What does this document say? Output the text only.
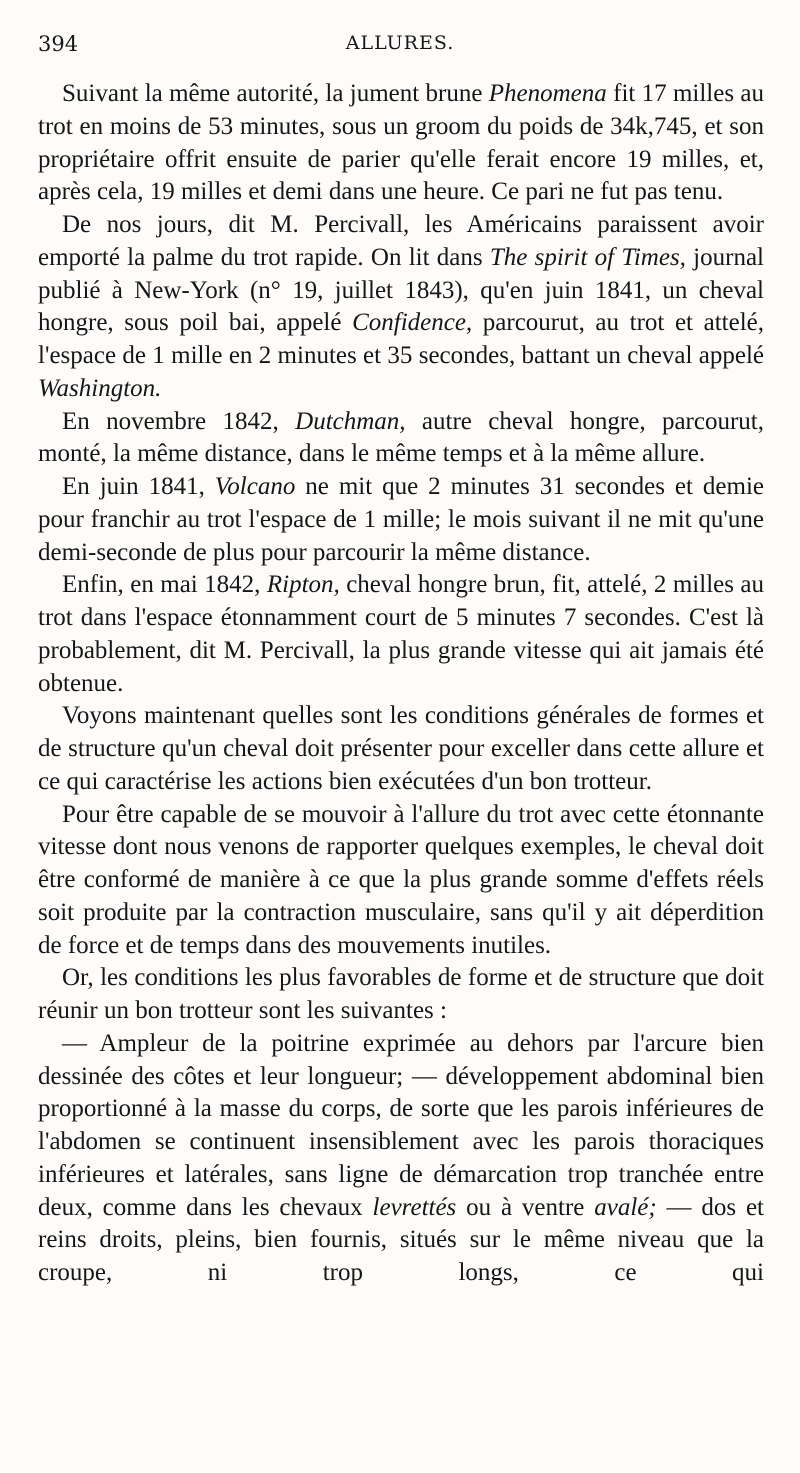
394	ALLURES.

Suivant la même autorité, la jument brune Phenomena fit 17 milles au trot en moins de 53 minutes, sous un groom du poids de 34k,745, et son propriétaire offrit ensuite de parier qu'elle ferait encore 19 milles, et, après cela, 19 milles et demi dans une heure. Ce pari ne fut pas tenu.

De nos jours, dit M. Percivall, les Américains paraissent avoir emporté la palme du trot rapide. On lit dans The spirit of Times, journal publié à New-York (n° 19, juillet 1843), qu'en juin 1841, un cheval hongre, sous poil bai, appelé Confidence, parcourut, au trot et attelé, l'espace de 1 mille en 2 minutes et 35 secondes, battant un cheval appelé Washington.

En novembre 1842, Dutchman, autre cheval hongre, parcourut, monté, la même distance, dans le même temps et à la même allure.

En juin 1841, Volcano ne mit que 2 minutes 31 secondes et demie pour franchir au trot l'espace de 1 mille; le mois suivant il ne mit qu'une demi-seconde de plus pour parcourir la même distance.

Enfin, en mai 1842, Ripton, cheval hongre brun, fit, attelé, 2 milles au trot dans l'espace étonnamment court de 5 minutes 7 secondes. C'est là probablement, dit M. Percivall, la plus grande vitesse qui ait jamais été obtenue.

Voyons maintenant quelles sont les conditions générales de formes et de structure qu'un cheval doit présenter pour exceller dans cette allure et ce qui caractérise les actions bien exécutées d'un bon trotteur.

Pour être capable de se mouvoir à l'allure du trot avec cette étonnante vitesse dont nous venons de rapporter quelques exemples, le cheval doit être conformé de manière à ce que la plus grande somme d'effets réels soit produite par la contraction musculaire, sans qu'il y ait déperdition de force et de temps dans des mouvements inutiles.

Or, les conditions les plus favorables de forme et de structure que doit réunir un bon trotteur sont les suivantes :

— Ampleur de la poitrine exprimée au dehors par l'arcure bien dessinée des côtes et leur longueur; — développement abdominal bien proportionné à la masse du corps, de sorte que les parois inférieures de l'abdomen se continuent insensiblement avec les parois thoraciques inférieures et latérales, sans ligne de démarcation trop tranchée entre deux, comme dans les chevaux levrettés ou à ventre avalé; — dos et reins droits, pleins, bien fournis, situés sur le même niveau que la croupe, ni trop longs, ce qui
